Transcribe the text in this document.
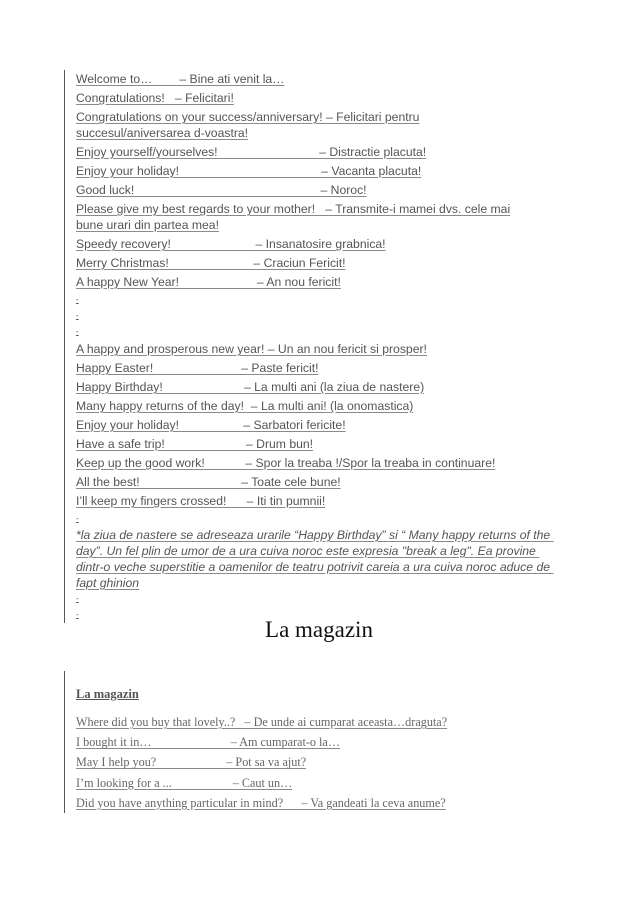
Welcome to…        – Bine ati venit la…
Congratulations!   – Felicitari!
Congratulations on your success/anniversary! – Felicitari pentru
succesul/aniversarea d-voastra!
Enjoy yourself/yourselves!                              – Distractie placuta!
Enjoy your holiday!                                          – Vacanta placuta!
Good luck!                                                       – Noroc!
Please give my best regards to your mother!   – Transmite-i mamei dvs. cele mai
bune urari din partea mea!
Speedy recovery!                         – Insanatosire grabnica!
Merry Christmas!                         – Craciun Fericit!
A happy New Year!                       – An nou fericit!
-
-
-
A happy and prosperous new year! – Un an nou fericit si prosper!
Happy Easter!                          – Paste fericit!
Happy Birthday!                        – La multi ani (la ziua de nastere)
Many happy returns of the day!  – La multi ani! (la onomastica)
Enjoy your holiday!                   – Sarbatori fericite!
Have a safe trip!                        – Drum bun!
Keep up the good work!            – Spor la treaba !/Spor la treaba in continuare!
All the best!                              – Toate cele bune!
I’ll keep my fingers crossed!      – Iti tin pumnii!
-
*la ziua de nastere se adreseaza urarile “Happy Birthday” si “ Many happy returns of the day”. Un fel plin de umor de a ura cuiva noroc este expresia "break a leg". Ea provine dintr-o veche superstitie a oamenilor de teatru potrivit careia a ura cuiva noroc aduce de fapt ghinion
-
-
La magazin
La magazin
Where did you buy that lovely..?   – De unde ai cumparat aceasta…draguta?
I bought it in…                          – Am cumparat-o la…
May I help you?                       – Pot sa va ajut?
I’m looking for a ...                    – Caut un…
Did you have anything particular in mind?      – Va gandeati la ceva anume?
